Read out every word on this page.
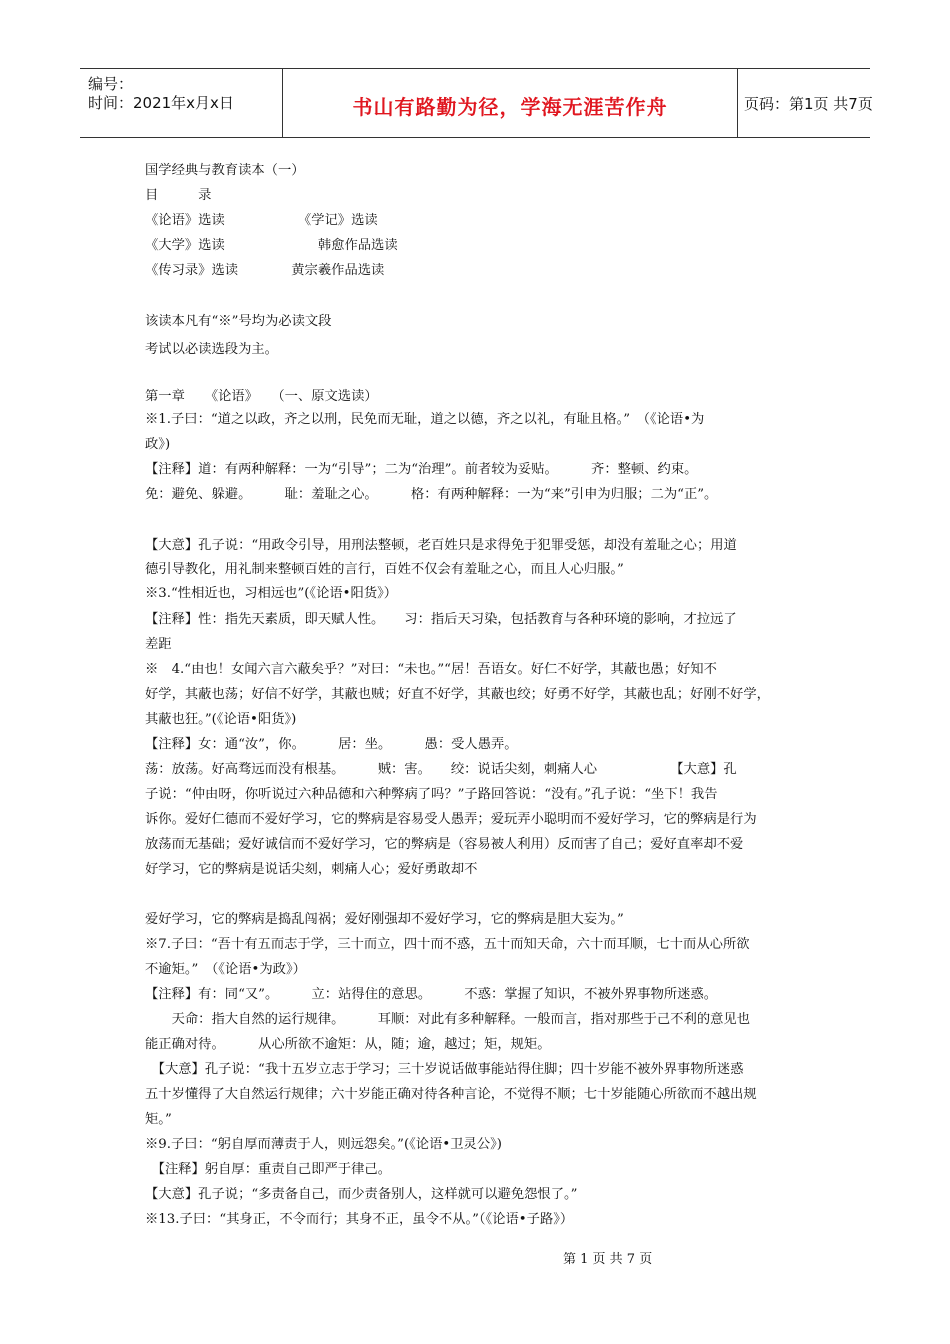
编号：
时间：2021年x月x日	书山有路勤为径，学海无涯苦作舟	页码：第1页 共7页
国学经典与教育读本（一）
目　　　录
《论语》选读　　　　　　《学记》选读
《大学》选读　　　　　　　韩愈作品选读
《传习录》选读　　　　黄宗羲作品选读
该读本凡有“※”号均为必读文段
考试以必读选段为主。
第一章　　《论语》　　（一、原文选读）
※1.子曰：“道之以政，齐之以刑，民免而无耻，道之以德，齐之以礼，有耻且格。”　（《论语•为
政》)
【注释】道：有两种解释：一为“引导”；二为“治理”。前者较为妥贴。　　　齐：整顿、约束。
免：避免、躲避。　　　耻：羞耻之心。　　　格：有两种解释：一为“来”引申为归服；二为“正”。
【大意】孔子说：“用政令引导，用刑法整顿，老百姓只是求得免于犯罪受惩，却没有羞耻之心；用道
德引导教化，用礼制来整顿百姓的言行，百姓不仅会有羞耻之心，而且人心归服。”
※3.“性相近也，习相远也”(《论语•阳货》）
【注释】性：指先天素质，即天赋人性。　　习：指后天习染，包括教育与各种环境的影响，才拉远了
差距
※　4.“由也！女闻六言六蔽矣乎？”对曰：“未也。”“居！吾语女。好仁不好学，其蔽也愚；好知不
好学，其蔽也荡；好信不好学，其蔽也贼；好直不好学，其蔽也绞；好勇不好学，其蔽也乱；好刚不好学，
其蔽也狂。”(《论语•阳货》)
【注释】女：通“汝”，你。　　　居：坐。　　　愚：受人愚弄。
荡：放荡。好高骛远而没有根基。　　　贼：害。　　绞：说话尖刻，刺痛人心　　　　　　【大意】孔
子说：“仲由呀，你听说过六种品德和六种弊病了吗？”子路回答说：“没有。”孔子说：“坐下！我告
诉你。爱好仁德而不爱好学习，它的弊病是容易受人愚弄；爱玩弄小聪明而不爱好学习，它的弊病是行为
放荡而无基础；爱好诚信而不爱好学习，它的弊病是（容易被人利用）反而害了自己；爱好直率却不爱
好学习，它的弊病是说话尖刻，刺痛人心；爱好勇敢却不
爱好学习，它的弊病是捣乱闯祸；爱好刚强却不爱好学习，它的弊病是胆大妄为。”
※7.子曰：“吾十有五而志于学，三十而立，四十而不惑，五十而知天命，六十而耳顺，七十而从心所欲
不逾矩。”　（《论语•为政》）
【注释】有：同“又”。　　　立：站得住的意思。　　　不惑：掌握了知识，不被外界事物所迷惑。
　　天命：指大自然的运行规律。　　　耳顺：对此有多种解释。一般而言，指对那些于己不利的意见也
能正确对待。　　　从心所欲不逾矩：从，随；逾，越过；矩，规矩。
　【大意】孔子说：“我十五岁立志于学习；三十岁说话做事能站得住脚；四十岁能不被外界事物所迷惑
五十岁懂得了大自然运行规律；六十岁能正确对待各种言论，不觉得不顺；七十岁能随心所欲而不越出规
矩。”
※9.子曰：“躬自厚而薄责于人，则远怨矣。”(《论语•卫灵公》)
　【注释】躬自厚：重责自己即严于律己。
【大意】孔子说；“多责备自己，而少责备别人，这样就可以避免怨恨了。”
※13.子曰：“其身正，不令而行；其身不正，虽令不从。”（《论语•子路》）
第 1 页 共 7 页
